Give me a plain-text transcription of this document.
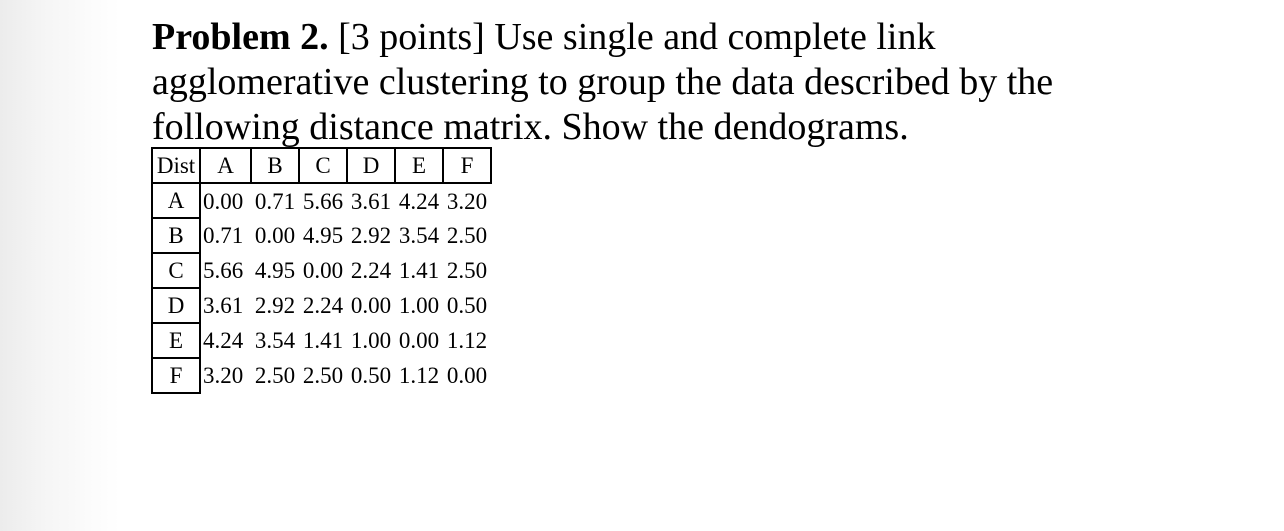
Problem 2. [3 points] Use single and complete link
agglomerative clustering to group the data described by the
following distance matrix. Show the dendograms.
Dist	A	B	C	D	E	F
A	0.00	0.71	5.66	3.61	4.24	3.20
B	0.71	0.00	4.95	2.92	3.54	2.50
C	5.66	4.95	0.00	2.24	1.41	2.50
D	3.61	2.92	2.24	0.00	1.00	0.50
E	4.24	3.54	1.41	1.00	0.00	1.12
F	3.20	2.50	2.50	0.50	1.12	0.00
